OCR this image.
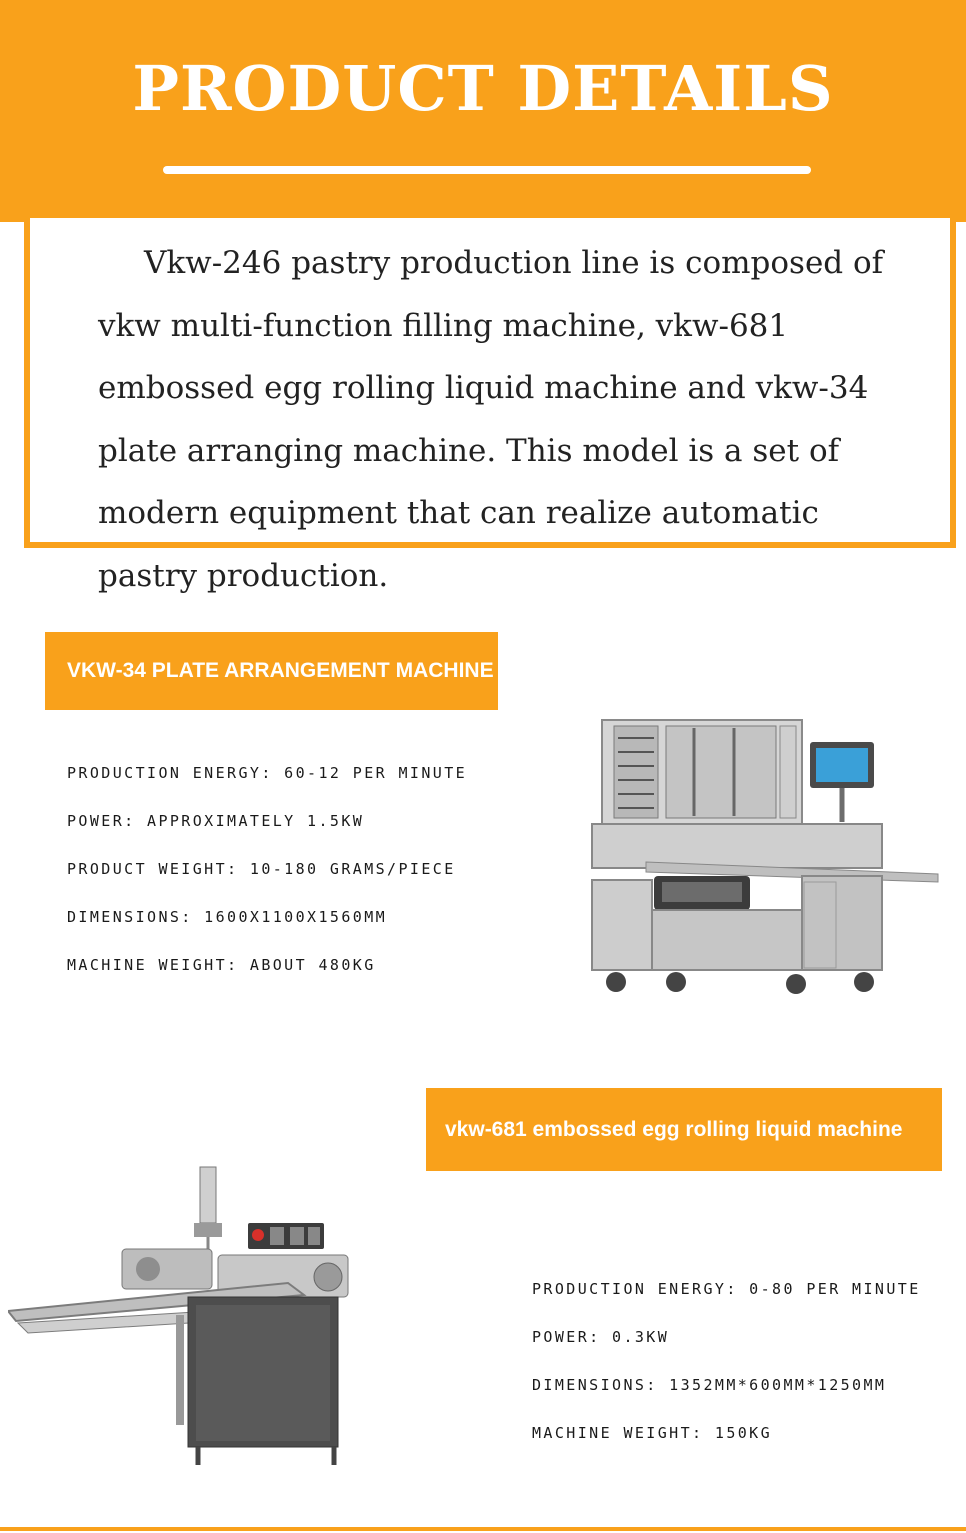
PRODUCT DETAILS

Vkw-246 pastry production line is composed of vkw multi-function filling machine, vkw-681 embossed egg rolling liquid machine and vkw-34 plate arranging machine. This model is a set of modern equipment that can realize automatic pastry production.

VKW-34 PLATE ARRANGEMENT MACHINE
PRODUCTION ENERGY: 60-12 PER MINUTE
POWER: APPROXIMATELY 1.5KW
PRODUCT WEIGHT: 10-180 GRAMS/PIECE
DIMENSIONS: 1600X1100X1560MM
MACHINE WEIGHT: ABOUT 480KG
vkw-681 embossed egg rolling liquid machine
PRODUCTION ENERGY: 0-80 PER MINUTE
POWER: 0.3KW
DIMENSIONS: 1352MM*600MM*1250MM
MACHINE WEIGHT: 150KG
